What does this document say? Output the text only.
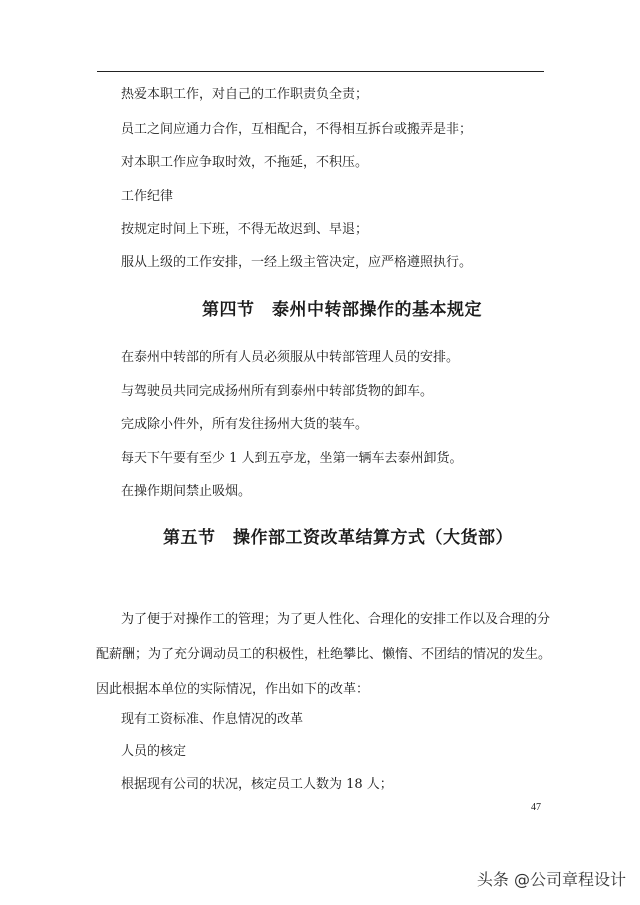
热爱本职工作，对自己的工作职责负全责；
员工之间应通力合作，互相配合，不得相互拆台或搬弄是非；
对本职工作应争取时效，不拖延，不积压。
工作纪律
按规定时间上下班，不得无故迟到、早退；
服从上级的工作安排，一经上级主管决定，应严格遵照执行。
第四节　泰州中转部操作的基本规定
在泰州中转部的所有人员必须服从中转部管理人员的安排。
与驾驶员共同完成扬州所有到泰州中转部货物的卸车。
完成除小件外，所有发往扬州大货的装车。
每天下午要有至少 1 人到五亭龙，坐第一辆车去泰州卸货。
在操作期间禁止吸烟。
第五节　操作部工资改革结算方式（大货部）
为了便于对操作工的管理；为了更人性化、合理化的安排工作以及合理的分
配薪酬；为了充分调动员工的积极性，杜绝攀比、懒惰、不团结的情况的发生。
因此根据本单位的实际情况，作出如下的改革：
现有工资标准、作息情况的改革
人员的核定
根据现有公司的状况，核定员工人数为 18 人；
47
头条 @公司章程设计
